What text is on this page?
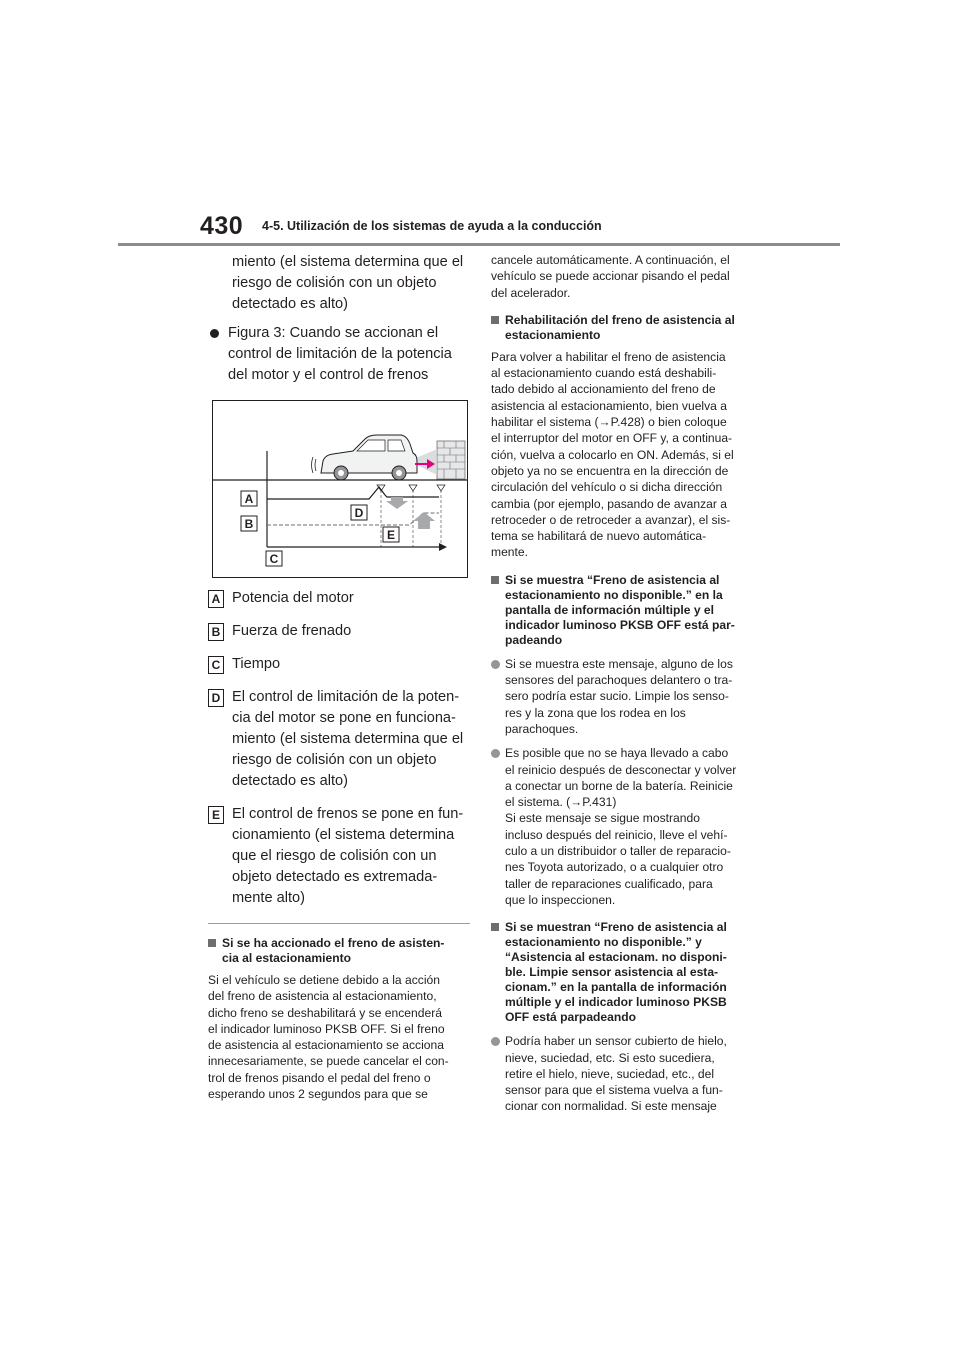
430 4-5. Utilización de los sistemas de ayuda a la conducción
miento (el sistema determina que el
riesgo de colisión con un objeto
detectado es alto)
Figura 3: Cuando se accionan el
control de limitación de la potencia
del motor y el control de frenos
A
B
C
D
E
A Potencia del motor
B Fuerza de frenado
C Tiempo
D El control de limitación de la poten-
cia del motor se pone en funciona-
miento (el sistema determina que el
riesgo de colisión con un objeto
detectado es alto)
E El control de frenos se pone en fun-
cionamiento (el sistema determina
que el riesgo de colisión con un
objeto detectado es extremada-
mente alto)
Si se ha accionado el freno de asisten-
cia al estacionamiento
Si el vehículo se detiene debido a la acción
del freno de asistencia al estacionamiento,
dicho freno se deshabilitará y se encenderá
el indicador luminoso PKSB OFF. Si el freno
de asistencia al estacionamiento se acciona
innecesariamente, se puede cancelar el con-
trol de frenos pisando el pedal del freno o
esperando unos 2 segundos para que se
cancele automáticamente. A continuación, el
vehículo se puede accionar pisando el pedal
del acelerador.
Rehabilitación del freno de asistencia al
estacionamiento
Para volver a habilitar el freno de asistencia
al estacionamiento cuando está deshabili-
tado debido al accionamiento del freno de
asistencia al estacionamiento, bien vuelva a
habilitar el sistema (→P.428) o bien coloque
el interruptor del motor en OFF y, a continua-
ción, vuelva a colocarlo en ON. Además, si el
objeto ya no se encuentra en la dirección de
circulación del vehículo o si dicha dirección
cambia (por ejemplo, pasando de avanzar a
retroceder o de retroceder a avanzar), el sis-
tema se habilitará de nuevo automática-
mente.
Si se muestra “Freno de asistencia al
estacionamiento no disponible.” en la
pantalla de información múltiple y el
indicador luminoso PKSB OFF está par-
padeando
Si se muestra este mensaje, alguno de los
sensores del parachoques delantero o tra-
sero podría estar sucio. Limpie los senso-
res y la zona que los rodea en los
parachoques.
Es posible que no se haya llevado a cabo
el reinicio después de desconectar y volver
a conectar un borne de la batería. Reinicie
el sistema. (→P.431)
Si este mensaje se sigue mostrando
incluso después del reinicio, lleve el vehí-
culo a un distribuidor o taller de reparacio-
nes Toyota autorizado, o a cualquier otro
taller de reparaciones cualificado, para
que lo inspeccionen.
Si se muestran “Freno de asistencia al
estacionamiento no disponible.” y
“Asistencia al estacionam. no disponi-
ble. Limpie sensor asistencia al esta-
cionam.” en la pantalla de información
múltiple y el indicador luminoso PKSB
OFF está parpadeando
Podría haber un sensor cubierto de hielo,
nieve, suciedad, etc. Si esto sucediera,
retire el hielo, nieve, suciedad, etc., del
sensor para que el sistema vuelva a fun-
cionar con normalidad. Si este mensaje
